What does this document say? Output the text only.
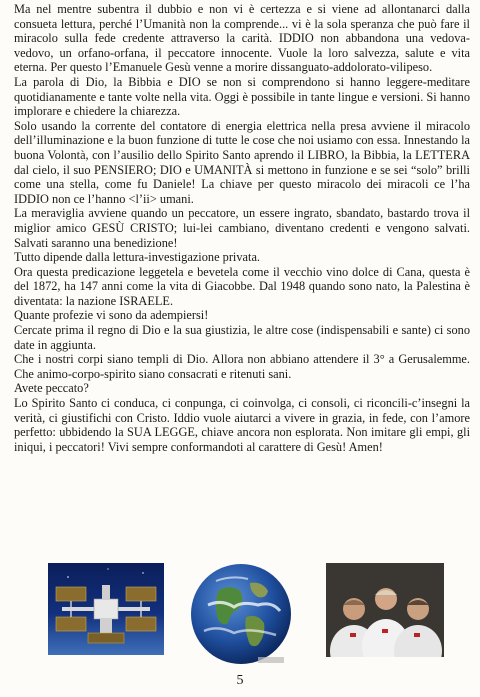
Ma nel mentre subentra il dubbio e non vi è certezza e si viene ad allontanarci dalla consueta lettura, perché l’Umanità non la comprende... vi è la sola speranza che può fare il miracolo sulla fede credente attraverso la carità. IDDIO non abbandona una vedova-vedovo, un orfano-orfana, il peccatore innocente. Vuole la loro salvezza, salute e vita eterna. Per questo l’Emanuele Gesù venne a morire dissanguato-addolorato-vilipeso.

La parola di Dio, la Bibbia e DIO se non si comprendono si hanno leggere-meditare quotidianamente e tante volte nella vita. Oggi è possibile in tante lingue e versioni. Si hanno implorare e chiedere la chiarezza.

Solo usando la corrente del contatore di energia elettrica nella presa avviene il miracolo dell’illuminazione e la buon funzione di tutte le cose che noi usiamo con essa. Innestando la buona Volontà, con l’ausilio dello Spirito Santo aprendo il LIBRO, la Bibbia, la LETTERA dal cielo, il suo PENSIERO; DIO e UMANITÀ si mettono in funzione e se sei “solo” brilli come una stella, come fu Daniele! La chiave per questo miracolo dei miracoli ce l’ha IDDIO non ce l’hanno <l’ii> umani.

La meraviglia avviene quando un peccatore, un essere ingrato, sbandato, bastardo trova il miglior amico GESÙ CRISTO; lui-lei cambiano, diventano credenti e vengono salvati. Salvati saranno una benedizione!

Tutto dipende dalla lettura-investigazione privata.

Ora questa predicazione leggetela e bevetela come il vecchio vino dolce di Cana, questa è del 1872, ha 147 anni come la vita di Giacobbe. Dal 1948 quando sono nato, la Palestina è diventata: la nazione ISRAELE.

Quante profezie vi sono da adempiersi!

Cercate prima il regno di Dio e la sua giustizia, le altre cose (indispensabili e sante) ci sono date in aggiunta.

Che i nostri corpi siano templi di Dio. Allora non abbiano attendere il 3° a Gerusalemme. Che animo-corpo-spirito siano consacrati e ritenuti sani.

Avete peccato?

Lo Spirito Santo ci conduca, ci conpunga, ci coinvolga, ci consoli, ci riconcili-c’insegni la verità, ci giustifichi con Cristo. Iddio vuole aiutarci a vivere in grazia, in fede, con l’amore perfetto: ubbidendo la SUA LEGGE, chiave ancora non esplorata. Non imitare gli empi, gli iniqui, i peccatori! Vivi sempre conformandoti al carattere di Gesù! Amen!

5
